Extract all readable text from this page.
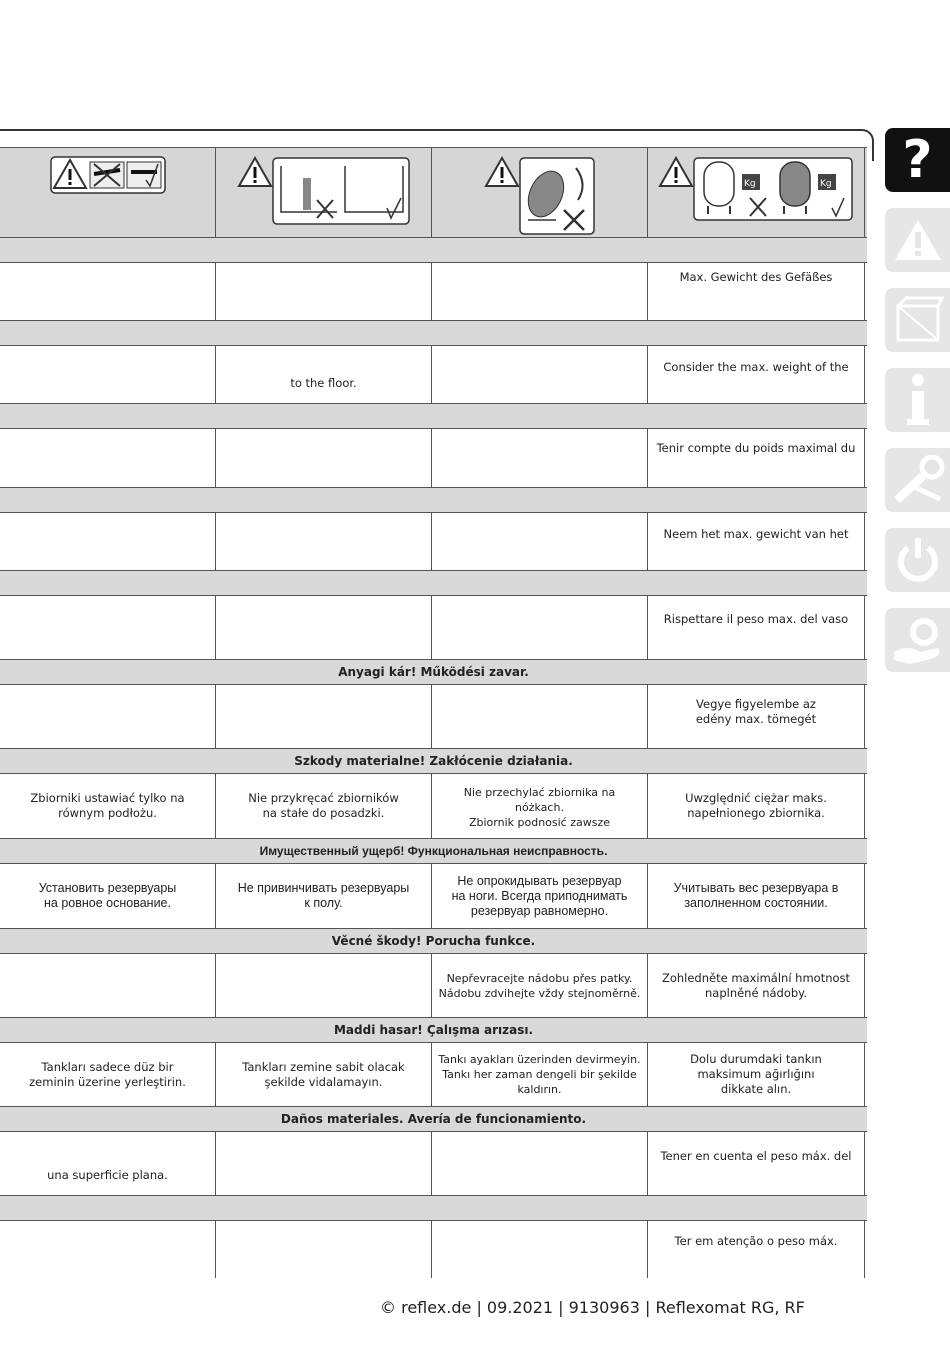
?
Kg	Kg
Max. Gewicht des Gefäßes
to the floor.
Consider the max. weight of the
Tenir compte du poids maximal du
Neem het max. gewicht van het
Rispettare il peso max. del vaso
Anyagi kár! Működési zavar.
Vegye figyelembe az
edény max. tömegét
Szkody materialne! Zakłócenie działania.
Zbiorniki ustawiać tylko na
równym podłożu.
Nie przykręcać zbiorników
na stałe do posadzki.
Nie przechylać zbiornika na nóżkach.
Zbiornik podnosić zawsze
Uwzględnić ciężar maks.
napełnionego zbiornika.
Имущественный ущерб! Функциональная неисправность.
Установить резервуары
на ровное основание.
Не привинчивать резервуары
к полу.
Не опрокидывать резервуар
на ноги. Всегда приподнимать
резервуар равномерно.
Учитывать вес резервуара в
заполненном состоянии.
Věcné škody! Porucha funkce.
Nepřevracejte nádobu přes patky.
Nádobu zdvihejte vždy stejnoměrně.
Zohledněte maximální hmotnost
naplněné nádoby.
Maddi hasar! Çalışma arızası.
Tankları sadece düz bir
zeminin üzerine yerleştirin.
Tankları zemine sabit olacak
şekilde vidalamayın.
Tankı ayakları üzerinden devirmeyin.
Tankı her zaman dengeli bir şekilde
kaldırın.
Dolu durumdaki tankın
maksimum ağırlığını
dikkate alın.
Daños materiales. Avería de funcionamiento.
una superficie plana.
Tener en cuenta el peso máx. del
Ter em atenção o peso máx.
© reflex.de | 09.2021 | 9130963 | Reflexomat RG, RF
